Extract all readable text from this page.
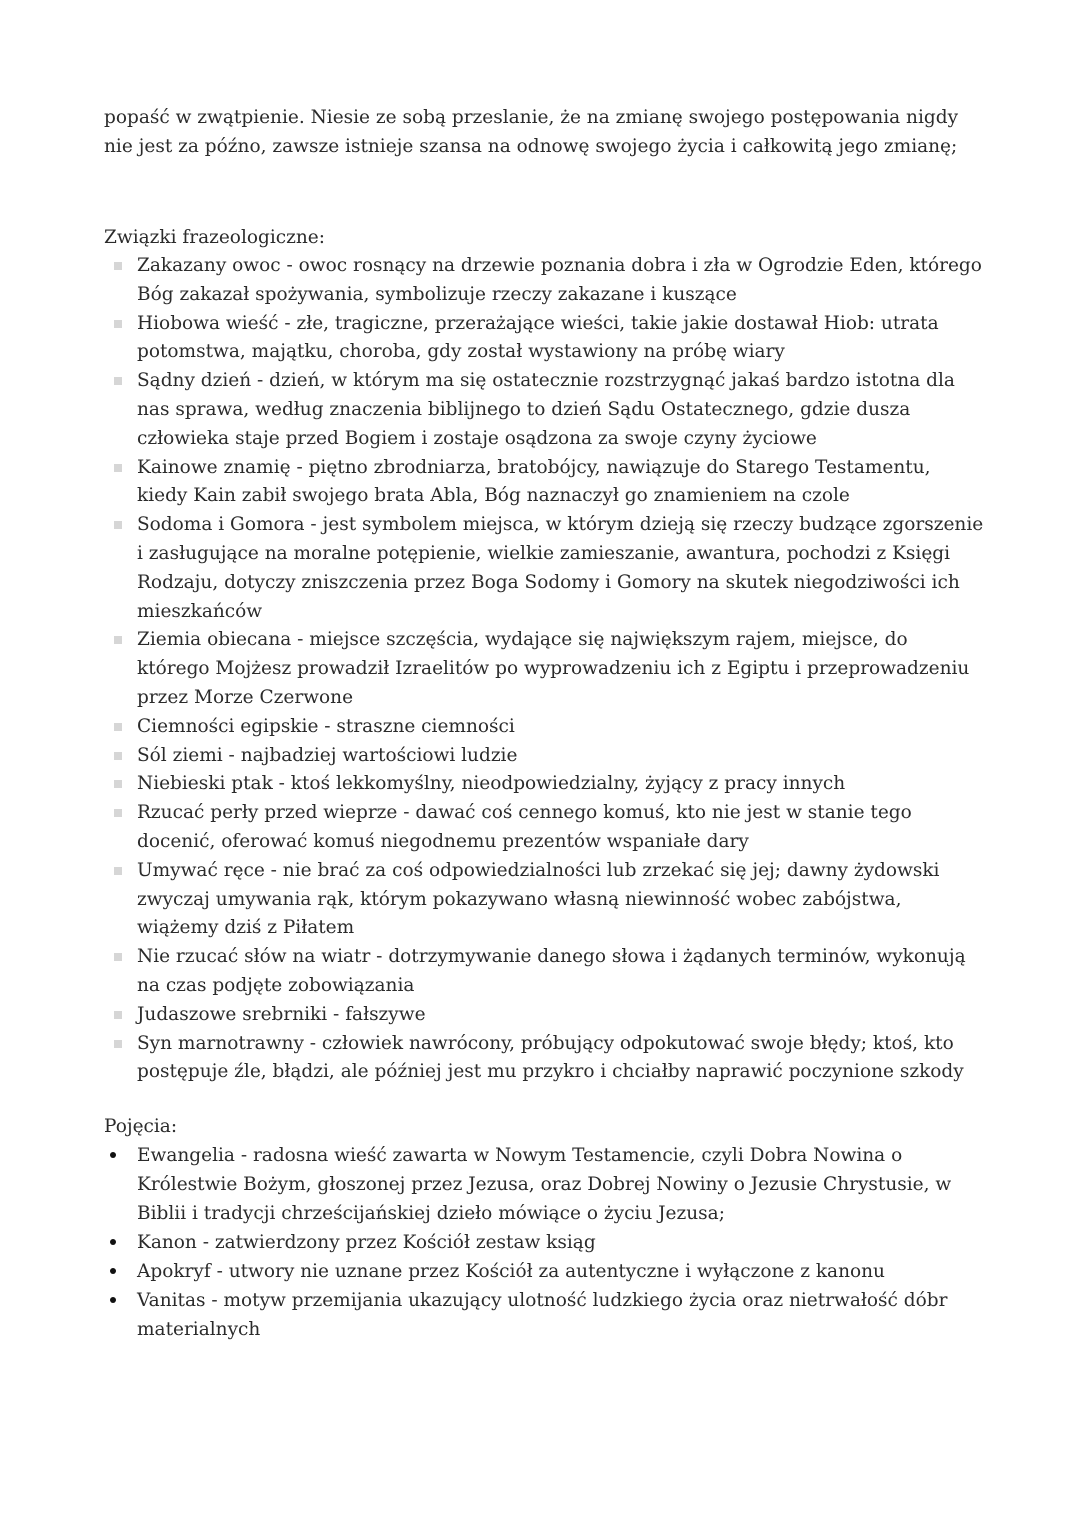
popaść w zwątpienie. Niesie ze sobą przeslanie, że na zmianę swojego postępowania nigdy nie jest za późno, zawsze istnieje szansa na odnowę swojego życia i całkowitą jego zmianę;

Związki frazeologiczne:

Zakazany owoc - owoc rosnący na drzewie poznania dobra i zła w Ogrodzie Eden, którego Bóg zakazał spożywania, symbolizuje rzeczy zakazane i kuszące
Hiobowa wieść - złe, tragiczne, przerażające wieści, takie jakie dostawał Hiob: utrata potomstwa, majątku, choroba, gdy został wystawiony na próbę wiary
Sądny dzień - dzień, w którym ma się ostatecznie rozstrzygnąć jakaś bardzo istotna dla nas sprawa, według znaczenia biblijnego to dzień Sądu Ostatecznego, gdzie dusza człowieka staje przed Bogiem i zostaje osądzona za swoje czyny życiowe
Kainowe znamię - piętno zbrodniarza, bratobójcy, nawiązuje do Starego Testamentu, kiedy Kain zabił swojego brata Abla, Bóg naznaczył go znamieniem na czole
Sodoma i Gomora - jest symbolem miejsca, w którym dzieją się rzeczy budzące zgorszenie i zasługujące na moralne potępienie, wielkie zamieszanie, awantura, pochodzi z Księgi Rodzaju, dotyczy zniszczenia przez Boga Sodomy i Gomory na skutek niegodziwości ich mieszkańców
Ziemia obiecana - miejsce szczęścia, wydające się największym rajem, miejsce, do którego Mojżesz prowadził Izraelitów po wyprowadzeniu ich z Egiptu i przeprowadzeniu przez Morze Czerwone
Ciemności egipskie - straszne ciemności
Sól ziemi - najbadziej wartościowi ludzie
Niebieski ptak - ktoś lekkomyślny, nieodpowiedzialny, żyjący z pracy innych
Rzucać perły przed wieprze - dawać coś cennego komuś, kto nie jest w stanie tego docenić, oferować komuś niegodnemu prezentów wspaniałe dary
Umywać ręce - nie brać za coś odpowiedzialności lub zrzekać się jej; dawny żydowski zwyczaj umywania rąk, którym pokazywano własną niewinność wobec zabójstwa, wiążemy dziś z Piłatem
Nie rzucać słów na wiatr - dotrzymywanie danego słowa i żądanych terminów, wykonują na czas podjęte zobowiązania
Judaszowe srebrniki - fałszywe
Syn marnotrawny - człowiek nawrócony, próbujący odpokutować swoje błędy; ktoś, kto postępuje źle, błądzi, ale później jest mu przykro i chciałby naprawić poczynione szkody

Pojęcia:

Ewangelia - radosna wieść zawarta w Nowym Testamencie, czyli Dobra Nowina o Królestwie Bożym, głoszonej przez Jezusa, oraz Dobrej Nowiny o Jezusie Chrystusie, w Biblii i tradycji chrześcijańskiej dzieło mówiące o życiu Jezusa;
Kanon - zatwierdzony przez Kościół zestaw ksiąg
Apokryf - utwory nie uznane przez Kościół za autentyczne i wyłączone z kanonu
Vanitas - motyw przemijania ukazujący ulotność ludzkiego życia oraz nietrwałość dóbr materialnych
